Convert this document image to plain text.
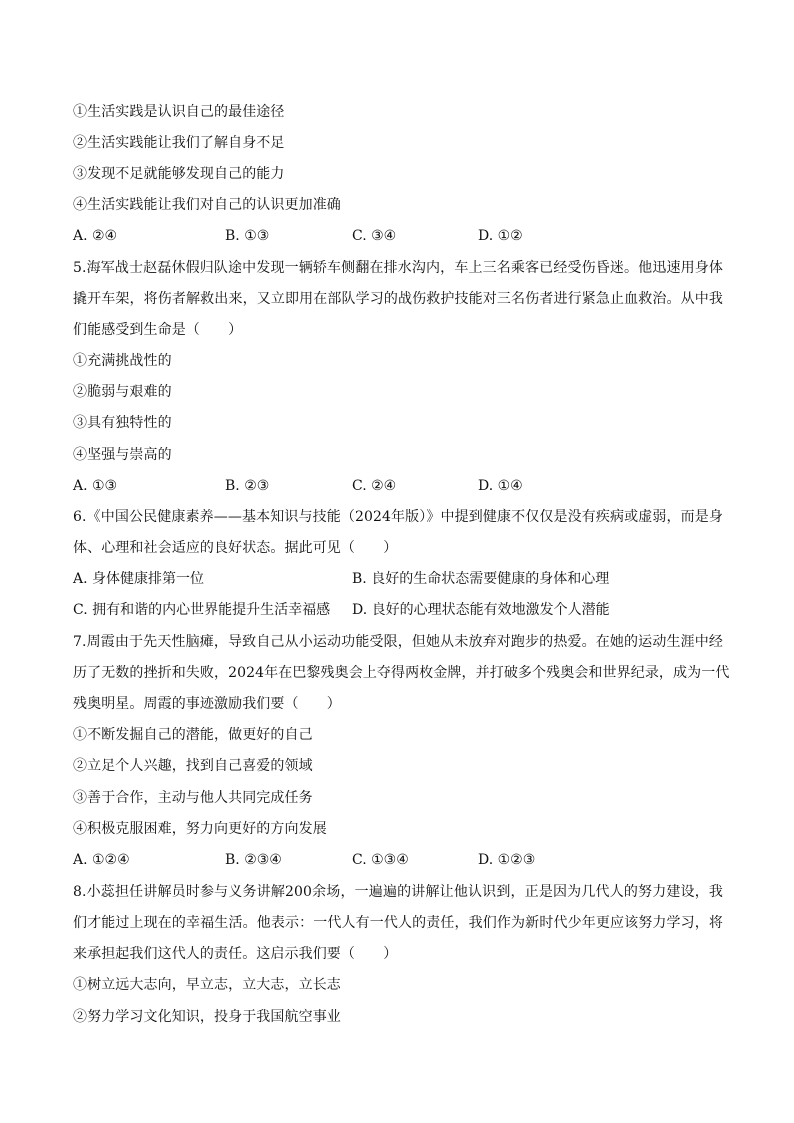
①生活实践是认识自己的最佳途径
②生活实践能让我们了解自身不足
③发现不足就能够发现自己的能力
④生活实践能让我们对自己的认识更加准确
A. ②④	B. ①③	C. ③④	D. ①②
5.海军战士赵磊休假归队途中发现一辆轿车侧翻在排水沟内，车上三名乘客已经受伤昏迷。他迅速用身体
撬开车架，将伤者解救出来，又立即用在部队学习的战伤救护技能对三名伤者进行紧急止血救治。从中我
们能感受到生命是（　　）
①充满挑战性的
②脆弱与艰难的
③具有独特性的
④坚强与崇高的
A. ①③	B. ②③	C. ②④	D. ①④
6.《中国公民健康素养——基本知识与技能（2024年版）》中提到健康不仅仅是没有疾病或虚弱，而是身
体、心理和社会适应的良好状态。据此可见（　　）
A. 身体健康排第一位	B. 良好的生命状态需要健康的身体和心理
C. 拥有和谐的内心世界能提升生活幸福感 D. 良好的心理状态能有效地激发个人潜能
7.周霞由于先天性脑瘫，导致自己从小运动功能受限，但她从未放弃对跑步的热爱。在她的运动生涯中经
历了无数的挫折和失败，2024年在巴黎残奥会上夺得两枚金牌，并打破多个残奥会和世界纪录，成为一代
残奥明星。周霞的事迹激励我们要（　　）
①不断发掘自己的潜能，做更好的自己
②立足个人兴趣，找到自己喜爱的领域
③善于合作，主动与他人共同完成任务
④积极克服困难，努力向更好的方向发展
A. ①②④	B. ②③④	C. ①③④	D. ①②③
8.小蕊担任讲解员时参与义务讲解200余场，一遍遍的讲解让他认识到，正是因为几代人的努力建设，我
们才能过上现在的幸福生活。他表示：一代人有一代人的责任，我们作为新时代少年更应该努力学习，将
来承担起我们这代人的责任。这启示我们要（　　）
①树立远大志向，早立志，立大志，立长志
②努力学习文化知识，投身于我国航空事业
